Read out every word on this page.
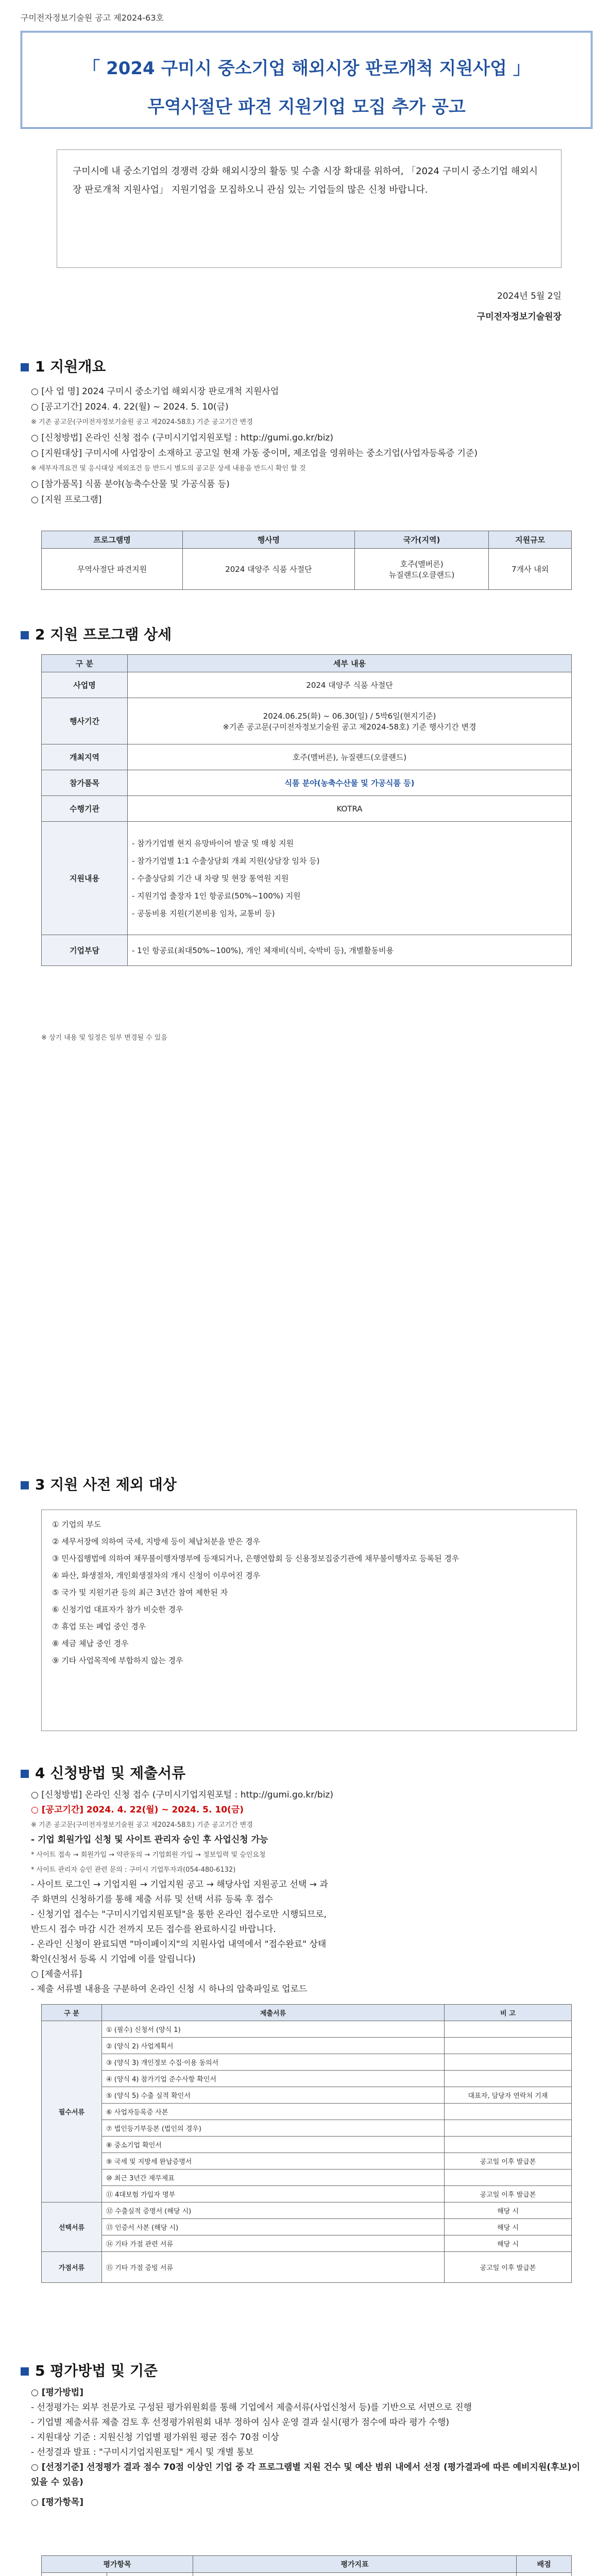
구미전자정보기술원 공고 제2024-63호
「 2024 구미시 중소기업 해외시장 판로개척 지원사업 」
무역사절단 파견 지원기업 모집 추가 공고
구미시에 내 중소기업의 경쟁력 강화 해외시장의 활동 및 수출 시장 확대를 위하여, 「2024 구미시 중소기업 해외시장 판로개척 지원사업」 지원기업을 모집하오니 관심 있는 기업들의 많은 신청 바랍니다.
2024년 5월 2일
구미전자정보기술원장
1 지원개요
○ [사 업 명] 2024 구미시 중소기업 해외시장 판로개척 지원사업
○ [공고기간] 2024. 4. 22(월) ~ 2024. 5. 10(금)
※ 기존 공고문(구미전자정보기술원 공고 제2024-58호) 기준 공고기간 변경
○ [신청방법] 온라인 신청 접수 (구미시기업지원포털 : http://gumi.go.kr/biz)
○ [지원대상] 구미시에 사업장이 소재하고 공고일 현재 가동 중이며, 제조업을 영위하는 중소기업(사업자등록증 기준)
※ 세부자격요건 및 응시대상 제외조건 등 반드시 별도의 공고문 상세 내용을 반드시 확인 할 것
○ [참가품목] 식품 분야(농축수산물 및 가공식품 등)
○ [지원 프로그램]
프로그램명	행사명	국가(지역)	지원규모
무역사절단 파견지원	2024 대양주 식품 사절단	호주(멜버른)
뉴질랜드(오클랜드)	7개사 내외
2 지원 프로그램 상세
구 분	세부 내용
사업명	2024 대양주 식품 사절단
행사기간	2024.06.25(화) ~ 06.30(일) / 5박6일(현지기준)
※기존 공고문(구미전자정보기술원 공고 제2024-58호) 기준 행사기간 변경
개최지역	호주(멜버른), 뉴질랜드(오클랜드)
참가품목	식품 분야(농축수산물 및 가공식품 등)
수행기관	KOTRA
지원내용	- 참가기업별 현지 유망바이어 발굴 및 매칭 지원
- 참가기업별 1:1 수출상담회 개최 지원(상담장 임차 등)
- 수출상담회 기간 내 차량 및 현장 통역원 지원
- 지원기업 출장자 1인 항공료(50%~100%) 지원
- 공동비용 지원(기본비용 임차, 교통비 등)
기업부담	- 1인 항공료(최대50%~100%), 개인 체재비(식비, 숙박비 등), 개별활동비용
※ 상기 내용 및 일정은 일부 변경될 수 있음
3 지원 사전 제외 대상
① 기업의 부도
② 세무서장에 의하여 국세, 지방세 등이 체납처분을 받은 경우
③ 민사집행법에 의하여 채무불이행자명부에 등재되거나, 은행연합회 등 신용정보집중기관에 채무불이행자로 등록된 경우
④ 파산, 화생절차, 개인회생절차의 개시 신청이 이루어진 경우
⑤ 국가 및 지원기관 등의 최근 3년간 참여 제한된 자
⑥ 신청기업 대표자가 참가 비슷한 경우
⑦ 휴업 또는 폐업 중인 경우
⑧ 세금 체납 중인 경우
⑨ 기타 사업목적에 부합하지 않는 경우
4 신청방법 및 제출서류
○ [신청방법] 온라인 신청 접수 (구미시기업지원포털 : http://gumi.go.kr/biz)
○ [공고기간] 2024. 4. 22(월) ~ 2024. 5. 10(금)
※ 기존 공고문(구미전자정보기술원 공고 제2024-58호) 기준 공고기간 변경
- 기업 회원가입 신청 및 사이트 관리자 승인 후 사업신청 가능
* 사이트 접속 → 회원가입 → 약관동의 → 기업회원 가입 → 정보입력 및 승인요청
* 사이트 관리자 승인 관련 문의 : 구미시 기업투자과(054-480-6132)
- 사이트 로그인 → 기업지원 → 기업지원 공고 → 해당사업 지원공고 선택 → 과
주 화면의 신청하기를 통해 제출 서류 및 선택 서류 등록 후 접수
- 신청기업 접수는 "구미시기업지원포털"을 통한 온라인 접수로만 시행되므로,
반드시 접수 마감 시간 전까지 모든 접수를 완료하시길 바랍니다.
- 온라인 신청이 완료되면 "마이페이지"의 지원사업 내역에서 "접수완료" 상태
확인(신청서 등록 시 기업에 이를 알립니다)
○ [제출서류]
- 제출 서류별 내용을 구분하여 온라인 신청 시 하나의 압축파일로 업로드
구 분	제출서류	비 고
필수서류	① (필수) 신청서 (양식 1)	
	② (양식 2) 사업계획서	
	③ (양식 3) 개인정보 수집·이용 동의서	
	④ (양식 4) 참가기업 준수사항 확인서	
	⑤ (양식 5) 수출 실적 확인서	대표자, 담당자 연락처 기재
	⑥ 사업자등록증 사본	
	⑦ 법인등기부등본 (법인의 경우)	
	⑧ 중소기업 확인서	
	⑨ 국세 및 지방세 완납증명서	공고일 이후 발급본
	⑩ 최근 3년간 재무제표	
	⑪ 4대보험 가입자 명부	공고일 이후 발급본
선택서류	⑫ 수출실적 증명서 (해당 시)	해당 시
	⑬ 인증서 사본 (해당 시)	해당 시
	⑭ 기타 가점 관련 서류	해당 시
가점서류	⑮ 기타 가점 증빙 서류	공고일 이후 발급본
5 평가방법 및 기준
○ [평가방법]
- 선정평가는 외부 전문가로 구성된 평가위원회를 통해 기업에서 제출서류(사업신청서 등)를 기반으로 서면으로 진행
- 기업별 제출서류 제출 검토 후 선정평가위원회 내부 정하여 심사 운영 결과 실시(평가 점수에 따라 평가 수행)
- 지원대상 기준 : 지원신청 기업별 평가위원 평균 점수 70점 이상
- 선정결과 발표 : "구미시기업지원포털" 게시 및 개별 통보
○ [선정기준] 선정평가 결과 점수 70점 이상인 기업 중 각 프로그램별 지원 건수 및 예산 범위 내에서 선정 (평가결과에 따른 예비지원(후보)이 있을 수 있음)
○ [평가항목]
평가항목		평가지표	배점
